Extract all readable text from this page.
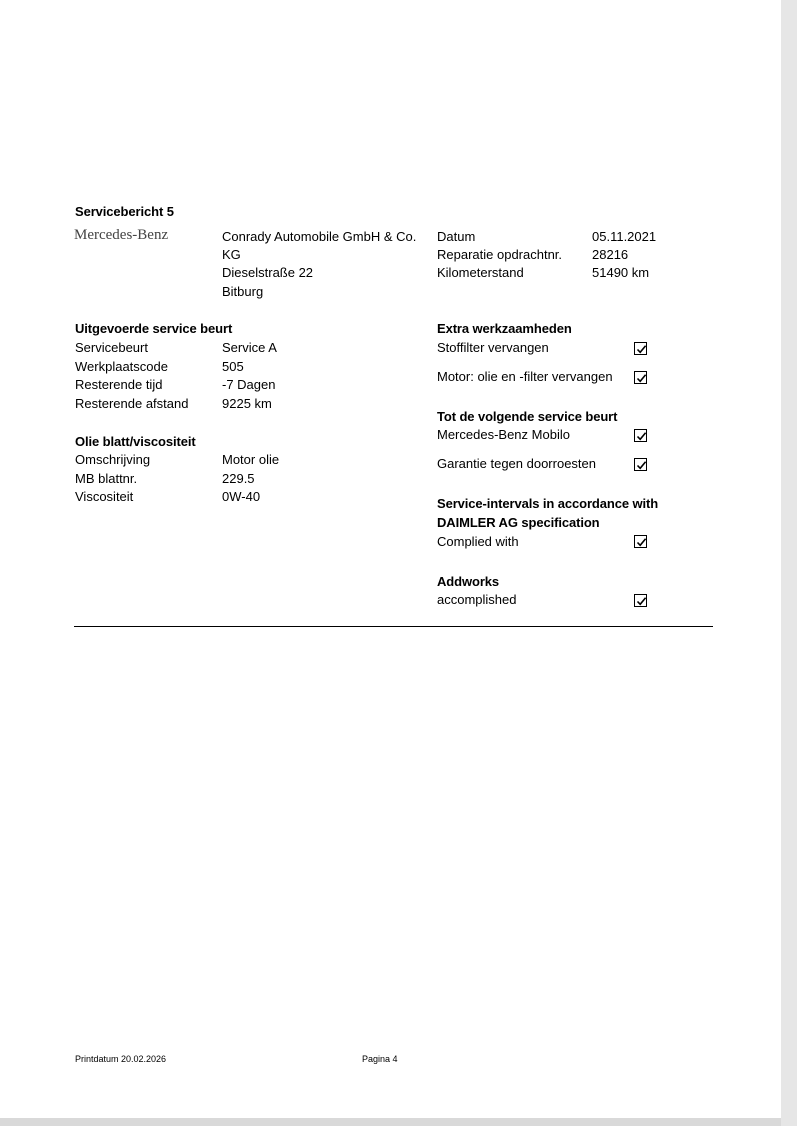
Servicebericht 5
Mercedes-Benz	Conrady Automobile GmbH & Co.
KG
Dieselstraße 22
Bitburg
Datum	05.11.2021
Reparatie opdrachtnr. 28216
Kilometerstand	51490 km
Uitgevoerde service beurt
Servicebeurt	Service A
Werkplaatscode	505
Resterende tijd	-7 Dagen
Resterende afstand	9225 km
Olie blatt/viscositeit
Omschrijving	Motor olie
MB blattnr.	229.5
Viscositeit	0W-40
Extra werkzaamheden
Stoffilter vervangen
Motor: olie en -filter vervangen
Tot de volgende service beurt
Mercedes-Benz Mobilo
Garantie tegen doorroesten
Service-intervals in accordance with
DAIMLER AG specification
Complied with
Addworks
accomplished
Printdatum 20.02.2026	Pagina 4
